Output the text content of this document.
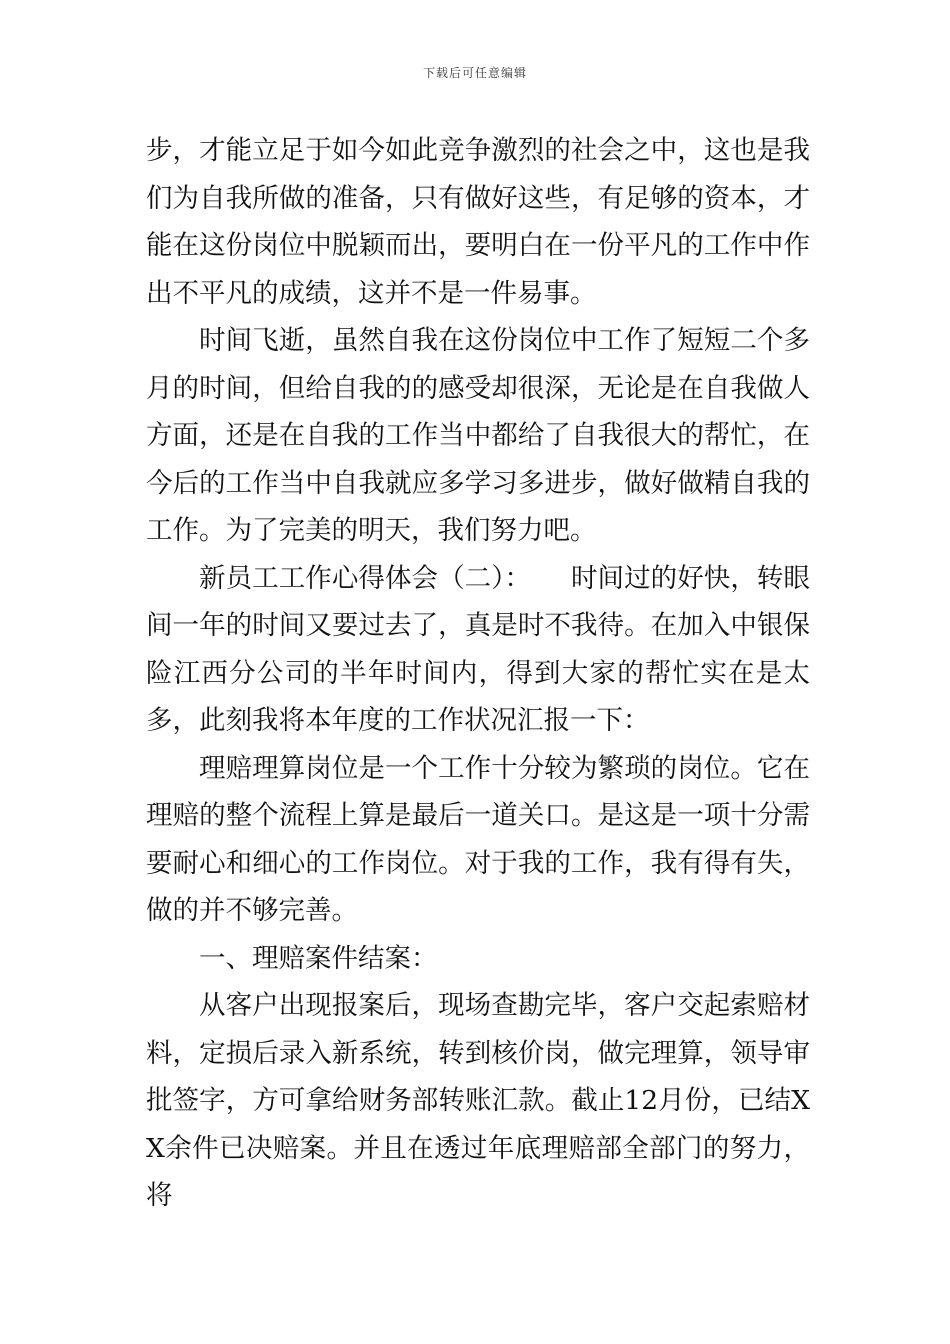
下载后可任意编辑

步，才能立足于如今如此竞争激烈的社会之中，这也是我们为自我所做的准备，只有做好这些，有足够的资本，才能在这份岗位中脱颖而出，要明白在一份平凡的工作中作出不平凡的成绩，这并不是一件易事。

时间飞逝，虽然自我在这份岗位中工作了短短二个多月的时间，但给自我的的感受却很深，无论是在自我做人方面，还是在自我的工作当中都给了自我很大的帮忙，在今后的工作当中自我就应多学习多进步，做好做精自我的工作。为了完美的明天，我们努力吧。

新员工工作心得体会（二）：　　时间过的好快，转眼间一年的时间又要过去了，真是时不我待。在加入中银保险江西分公司的半年时间内，得到大家的帮忙实在是太多，此刻我将本年度的工作状况汇报一下：

理赔理算岗位是一个工作十分较为繁琐的岗位。它在理赔的整个流程上算是最后一道关口。是这是一项十分需要耐心和细心的工作岗位。对于我的工作，我有得有失，做的并不够完善。

一、理赔案件结案：

从客户出现报案后，现场查勘完毕，客户交起索赔材料，定损后录入新系统，转到核价岗，做完理算，领导审批签字，方可拿给财务部转账汇款。截止12月份，已结XX余件已决赔案。并且在透过年底理赔部全部门的努力，将
